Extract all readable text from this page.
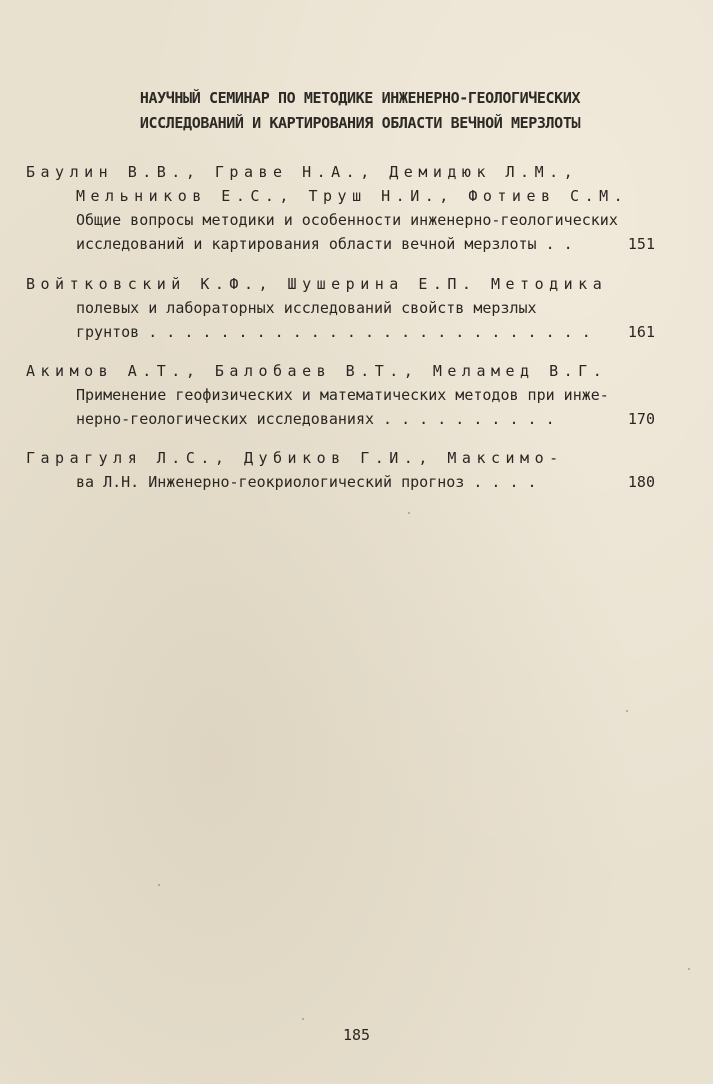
НАУЧНЫЙ СЕМИНАР ПО МЕТОДИКЕ ИНЖЕНЕРНО-ГЕОЛОГИЧЕСКИХ
ИССЛЕДОВАНИЙ И КАРТИРОВАНИЯ ОБЛАСТИ ВЕЧНОЙ МЕРЗЛОТЫ
Баулин В.В., Граве Н.А., Демидюк Л.М.,
Мельников Е.С., Труш Н.И., Фотиев С.М.
Общие вопросы методики и особенности инженерно-геологических
исследований и картирования области вечной мерзлоты . .	151
Войтковский К.Ф., Шушерина Е.П. Методика
полевых и лабораторных исследований свойств мерзлых
грунтов . . . . . . . . . . . . . . . . . . . . . . . . . 161
Акимов А.Т., Балобаев В.Т., Меламед В.Г.
Применение геофизических и математических методов при инже-
нерно-геологических исследованиях . . . . . . . . . .	170
Гарагуля Л.С., Дубиков Г.И., Максимо-
ва Л.Н. Инженерно-геокриологический прогноз . . . .	180
185
